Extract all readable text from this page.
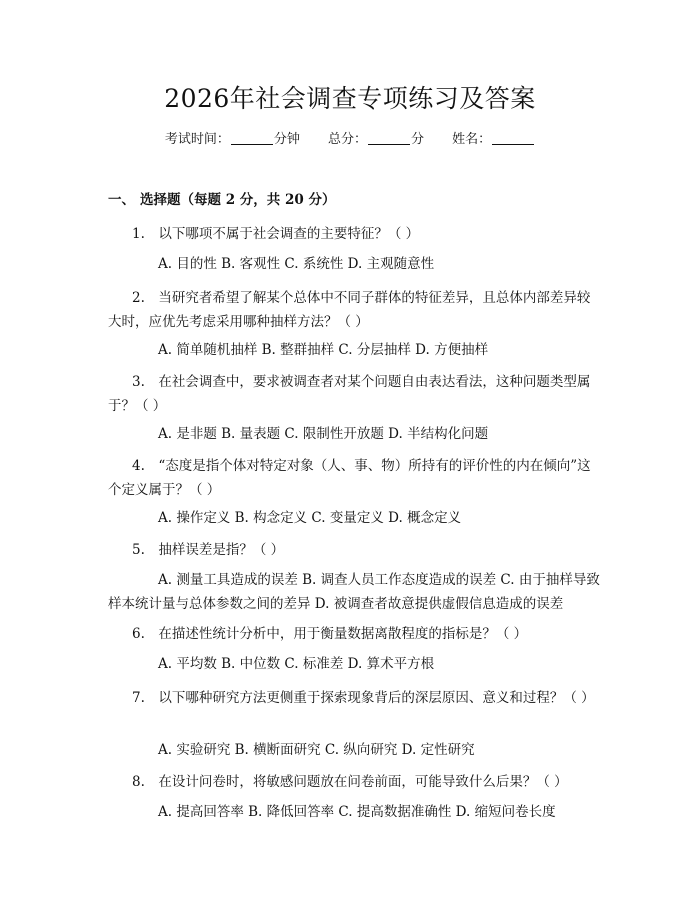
2026年社会调查专项练习及答案
考试时间：	分钟 总分：	分 姓名：
一、 选择题（每题 2 分，共 20 分）
1.　以下哪项不属于社会调查的主要特征？（ ）
A. 目的性 B. 客观性 C. 系统性 D. 主观随意性
2.　当研究者希望了解某个总体中不同子群体的特征差异，且总体内部差异较大时，应优先考虑采用哪种抽样方法？（ ）
A. 简单随机抽样 B. 整群抽样 C. 分层抽样 D. 方便抽样
3.　在社会调查中，要求被调查者对某个问题自由表达看法，这种问题类型属于？（ ）
A. 是非题 B. 量表题 C. 限制性开放题 D. 半结构化问题
4.　“态度是指个体对特定对象（人、事、物）所持有的评价性的内在倾向”这个定义属于？（ ）
A. 操作定义 B. 构念定义 C. 变量定义 D. 概念定义
5.　抽样误差是指？（ ）
A. 测量工具造成的误差 B. 调查人员工作态度造成的误差 C. 由于抽样导致样本统计量与总体参数之间的差异 D. 被调查者故意提供虚假信息造成的误差
6.　在描述性统计分析中，用于衡量数据离散程度的指标是？（ ）
A. 平均数 B. 中位数 C. 标准差 D. 算术平方根
7.　以下哪种研究方法更侧重于探索现象背后的深层原因、意义和过程？（ ）
A. 实验研究 B. 横断面研究 C. 纵向研究 D. 定性研究
8.　在设计问卷时，将敏感问题放在问卷前面，可能导致什么后果？（ ）
A. 提高回答率 B. 降低回答率 C. 提高数据准确性 D. 缩短问卷长度
